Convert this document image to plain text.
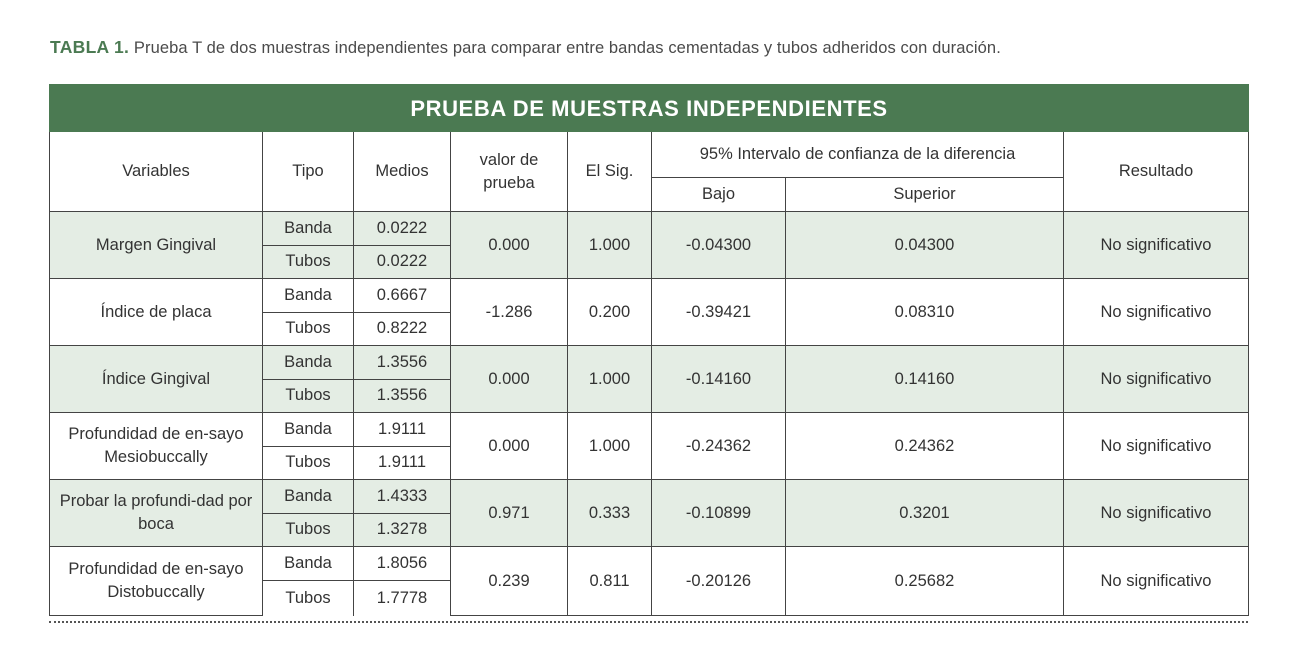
TABLA 1. Prueba T de dos muestras independientes para comparar entre bandas cementadas y tubos adheridos con duración.
PRUEBA DE MUESTRAS INDEPENDIENTES							
Variables	Tipo	Medios	valor de prueba	El Sig.	95% Intervalo de confianza de la diferencia		Resultado
					Bajo	Superior	
Margen Gingival	Banda	0.0222	0.000	1.000	-0.04300	0.04300	No significativo
	Tubos	0.0222					
Índice de placa	Banda	0.6667	-1.286	0.200	-0.39421	0.08310	No significativo
	Tubos	0.8222					
Índice Gingival	Banda	1.3556	0.000	1.000	-0.14160	0.14160	No significativo
	Tubos	1.3556					
Profundidad de en-sayo Mesiobuccally	Banda	1.9111	0.000	1.000	-0.24362	0.24362	No significativo
	Tubos	1.9111					
Probar la profundi-dad por boca	Banda	1.4333	0.971	0.333	-0.10899	0.3201	No significativo
	Tubos	1.3278					
Profundidad de en-sayo Distobuccally	Banda	1.8056	0.239	0.811	-0.20126	0.25682	No significativo
	Tubos	1.7778					
